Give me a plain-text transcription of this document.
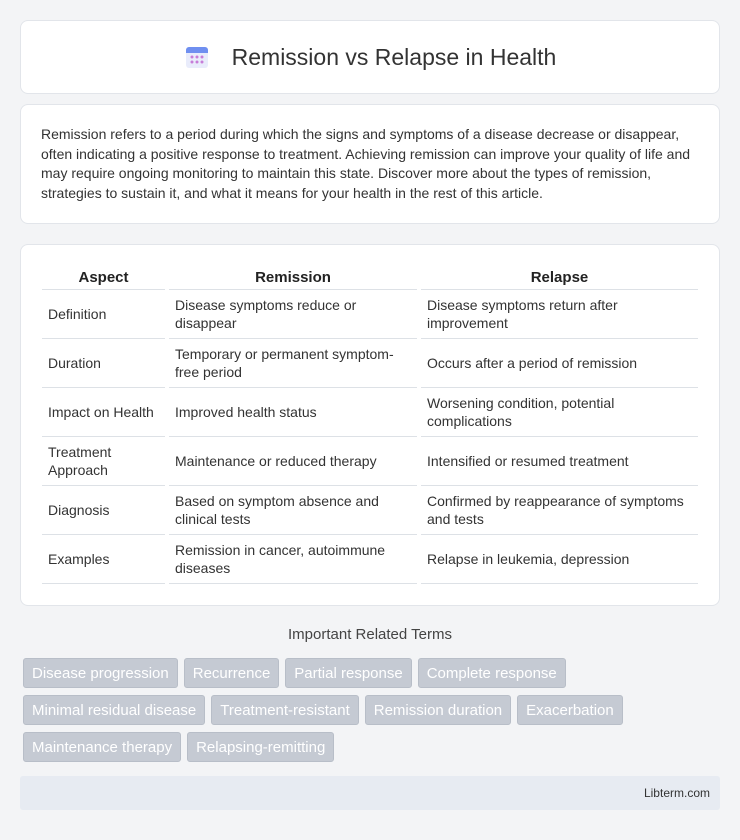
Remission vs Relapse in Health

Remission refers to a period during which the signs and symptoms of a disease decrease or disappear, often indicating a positive response to treatment. Achieving remission can improve your quality of life and may require ongoing monitoring to maintain this state. Discover more about the types of remission, strategies to sustain it, and what it means for your health in the rest of this article.

Aspect	Remission	Relapse
Definition	Disease symptoms reduce or disappear	Disease symptoms return after improvement
Duration	Temporary or permanent symptom-free period	Occurs after a period of remission
Impact on Health	Improved health status	Worsening condition, potential complications
Treatment Approach	Maintenance or reduced therapy	Intensified or resumed treatment
Diagnosis	Based on symptom absence and clinical tests	Confirmed by reappearance of symptoms and tests
Examples	Remission in cancer, autoimmune diseases	Relapse in leukemia, depression
Important Related Terms
Disease progression	Recurrence	Partial response	Complete response
Minimal residual disease	Treatment-resistant	Remission duration	Exacerbation
Maintenance therapy	Relapsing-remitting
Libterm.com
